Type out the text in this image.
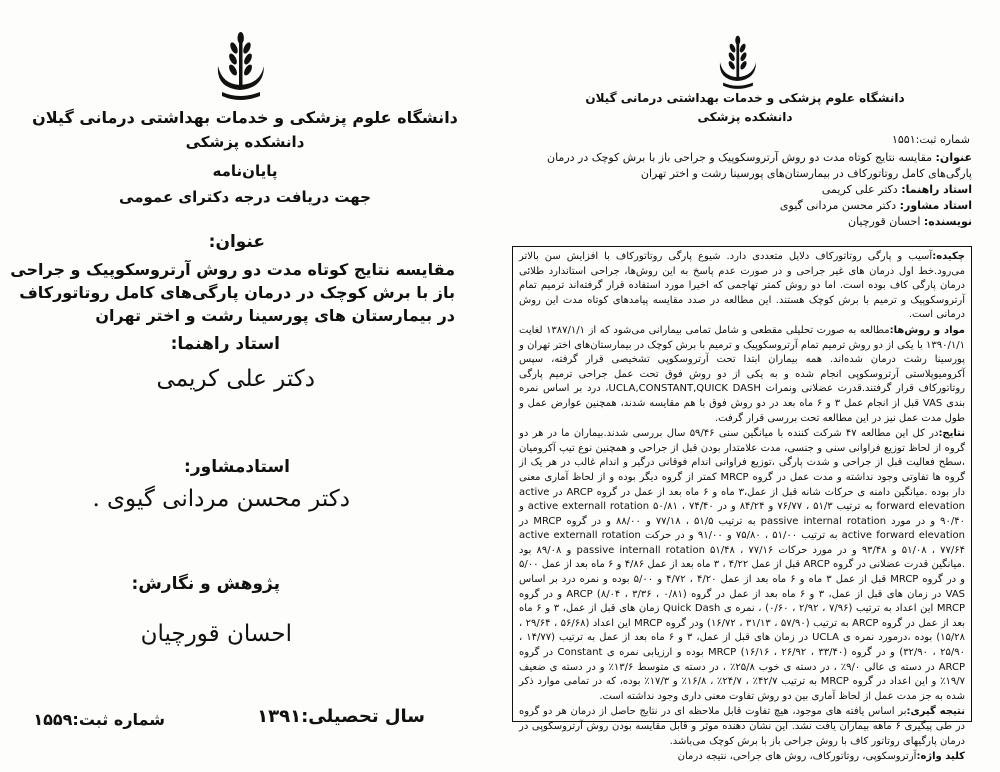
دانشگاه علوم پزشکی و خدمات بهداشتی درمانی گیلان
دانشکده پزشکی
پایان‌نامه
جهت دریافت درجه دکترای عمومی
عنوان:
مقایسه نتایج کوتاه مدت دو روش آرتروسکوپیک و جراحی باز با برش کوچک در درمان پارگی‌های کامل روتاتورکاف در بیمارستان های پورسینا رشت و اختر تهران
استاد راهنما:
دکتر علی کریمی
استادمشاور:
دکتر محسن مردانی گیوی .
پژوهش و نگارش:
احسان قورچیان
سال تحصیلی:۱۳۹۱
شماره ثبت:۱۵۵۹
دانشگاه علوم پزشکی و خدمات بهداشتی درمانی گیلان
دانشکده پزشکی
شماره ثبت:۱۵۵۱
عنوان: مقایسه نتایج کوتاه مدت دو روش آرتروسکوپیک و جراحی باز با برش کوچک در درمان پارگی‌های کامل روتاتورکاف در بیمارستان‌های پورسینا رشت و اختر تهران
استاد راهنما: دکتر علی کریمی
استاد مشاور: دکتر محسن مردانی گیوی
نویسنده: احسان قورچیان

چکیده:آسیب و پارگی روتاتورکاف دلایل متعددی دارد. شیوع پارگی روتاتورکاف با افزایش سن بالاتر می‌رود.خط اول درمان های غیر جراحی و در صورت عدم پاسخ به این روش‌ها، جراحی استاندارد طلائی درمان پارگی کاف بوده است. اما دو روش کمتر تهاجمی که اخیرا مورد استفاده قرار گرفته‌اند ترمیم تمام آرتروسکوپیک و ترمیم با برش کوچک هستند. این مطالعه در صدد مقایسه پیامدهای کوتاه مدت این روش درمانی است.

مواد و روش‌ها:مطالعه به صورت تحلیلی مقطعی و شامل تمامی بیمارانی می‌شود که از ۱۳۸۷/۱/۱ لغایت ۱۳۹۰/۱/۱ با یکی از دو روش ترمیم تمام آرتروسکوپیک و ترمیم با برش کوچک در بیمارستان‌های اختر تهران و پورسینا رشت درمان شده‌اند. همه بیماران ابتدا تحت آرتروسکوپی تشخیصی قرار گرفته، سپس آکرومیوپلاستی آرتروسکوپی انجام شده و به یکی از دو روش فوق تحت عمل جراحی ترمیم پارگی روتاتورکاف قرار گرفتند.قدرت عضلانی ونمرات UCLA,CONSTANT,QUICK DASH، درد بر اساس نمره بندی VAS قبل از انجام عمل ۳ و ۶ ماه بعد در دو روش فوق با هم مقایسه شدند، همچنین عوارض عمل و طول مدت عمل نیز در این مطالعه تحت بررسی قرار گرفت.

نتایج:در کل این مطالعه ۴۷ شرکت کننده با میانگین سنی ۵۹/۴۶ سال بررسی شدند.بیماران ما در هر دو گروه از لحاظ توزیع فراوانی سنی و جنسی، مدت علامتدار بودن قبل از جراحی و همچنین نوع تیپ آکرومیان ،سطح فعالیت قبل از جراحی و شدت پارگی ،توزیع فراوانی اندام فوقانی درگیر و اندام غالب در هر یک از گروه ها تفاوتی وجود نداشته و مدت عمل در گروه MRCP کمتر از گروه دیگر بوده و از لحاظ آماری معنی دار بوده .میانگین دامنه ی حرکات شانه قبل از عمل،۳ ماه و ۶ ماه بعد از عمل در گروه ARCP در active forward elevation به ترتیب ۵۱/۳ ، ۷۶/۷۷ و ۸۴/۲۴ و در active externall rotation ۵۰/۸۱ ، ۷۴/۴۰ و ۹۰/۴۰ و در مورد passive internal rotation به ترتیب ۵۱/۵ ، ۷۷/۱۸ و ۸۸/۰۰ و در گروه MRCP در active forward elevation به ترتیب ۵۱/۰۰ ، ۷۵/۸۰ و ۹۱/۰۰ و در حرکت active externall rotation ۵۱/۰۸ ، ۷۷/۶۴ و ۹۳/۴۸ و در مورد حرکات passive internall rotation ۵۱/۴۸ ، ۷۷/۱۶ و ۸۹/۰۸ بود .میانگین قدرت عضلانی در گروه ARCP قبل از عمل ۴/۲۲ ، ۳ ماه بعد از عمل ۴/۸۶ و ۶ ماه بعد از عمل ۵/۰۰ و در گروه MRCP قبل از عمل ۳ ماه و ۶ ماه بعد از عمل ۴/۲۰ ، ۴/۷۲ و ۵/۰۰ بوده و نمره درد بر اساس VAS در زمان های قبل از عمل، ۳ و ۶ ماه بعد از عمل در گروه ARCP (۸/۰۴ ، ۳/۳۶ ، ۰/۸۱) و در گروه MRCP این اعداد به ترتیب (۷/۹۶ ، ۲/۹۲ ، ۰/۶۰) ، نمره ی Quick Dash زمان های قبل از عمل، ۳ و ۶ ماه بعد از عمل در گروه ARCP به ترتیب (۵۷/۹۰ ، ۳۱/۱۳ ، ۱۶/۷۲) ودر گروه MRCP این اعداد (۵۶/۶۸ ، ۲۹/۶۴ ، ۱۵/۲۸) بوده ،درمورد نمره ی UCLA در زمان های قبل از عمل، ۳ و ۶ ماه بعد از عمل به ترتیب (۱۴/۷۷ ، ۲۵/۹۰ ، ۳۲/۹۰) و در گروه MRCP (۱۶/۱۶ ، ۲۶/۹۲ ، ۳۳/۴۰) بوده و ارزیابی نمره ی Constant در گروه ARCP در دسته ی عالی ۹/۰٪ ، در دسته ی خوب ۲۵/۸٪ ، در دسته ی متوسط ۱۳/۶٪ و در دسته ی ضعیف ۱۹/۷٪ و این اعداد در گروه MRCP به ترتیب ۴۲/۷٪ ، ۲۴/۷٪ ، ۱۶/۸٪ و ۱۷/۳٪ بوده، که در تمامی موارد ذکر شده به جز مدت عمل از لحاظ آماری بین دو روش تفاوت معنی داری وجود نداشته است.

نتیجه گیری:بر اساس یافته های موجود، هیچ تفاوت قابل ملاحظه ای در نتایج حاصل از درمان هر دو گروه در طی پیگیری ۶ ماهه بیماران یافت نشد. این نشان دهنده موثر و قابل مقایسه بودن روش آرتروسکوپی در درمان پارگیهای روتاتور کاف با روش جراحی باز با برش کوچک می‌باشد.

کلید واژه:آرتروسکوپی، روتاتورکاف، روش های جراحی، نتیجه درمان
